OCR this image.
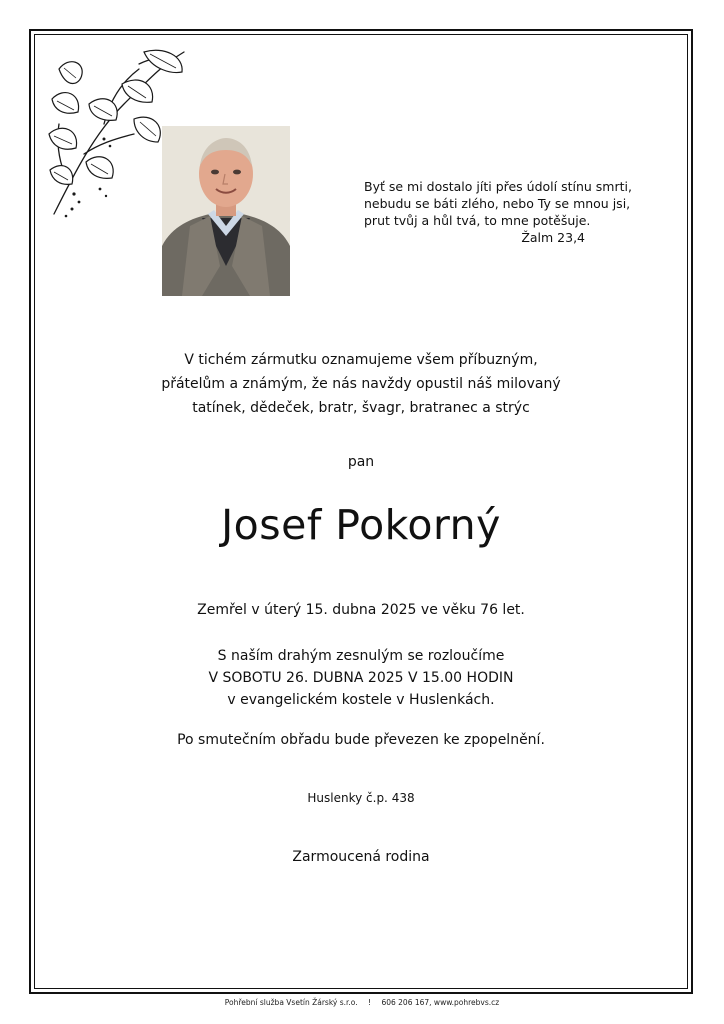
Byť se mi dostalo jíti přes údolí stínu smrti,
nebudu se báti zlého, nebo Ty se mnou jsi,
prut tvůj a hůl tvá, to mne potěšuje.
Žalm 23,4
V tichém zármutku oznamujeme všem příbuzným,
přátelům a známým, že nás navždy opustil náš milovaný
tatínek, dědeček, bratr, švagr, bratranec a strýc
pan
Josef Pokorný
Zemřel v úterý 15. dubna 2025 ve věku 76 let.
S naším drahým zesnulým se rozloučíme
V SOBOTU 26. DUBNA 2025 V 15.00 HODIN
v evangelickém kostele v Huslenkách.
Po smutečním obřadu bude převezen ke zpopelnění.
Huslenky č.p. 438
Zarmoucená rodina
Pohřební služba Vsetín Žárský s.r.o. ! 606 206 167, www.pohrebvs.cz
